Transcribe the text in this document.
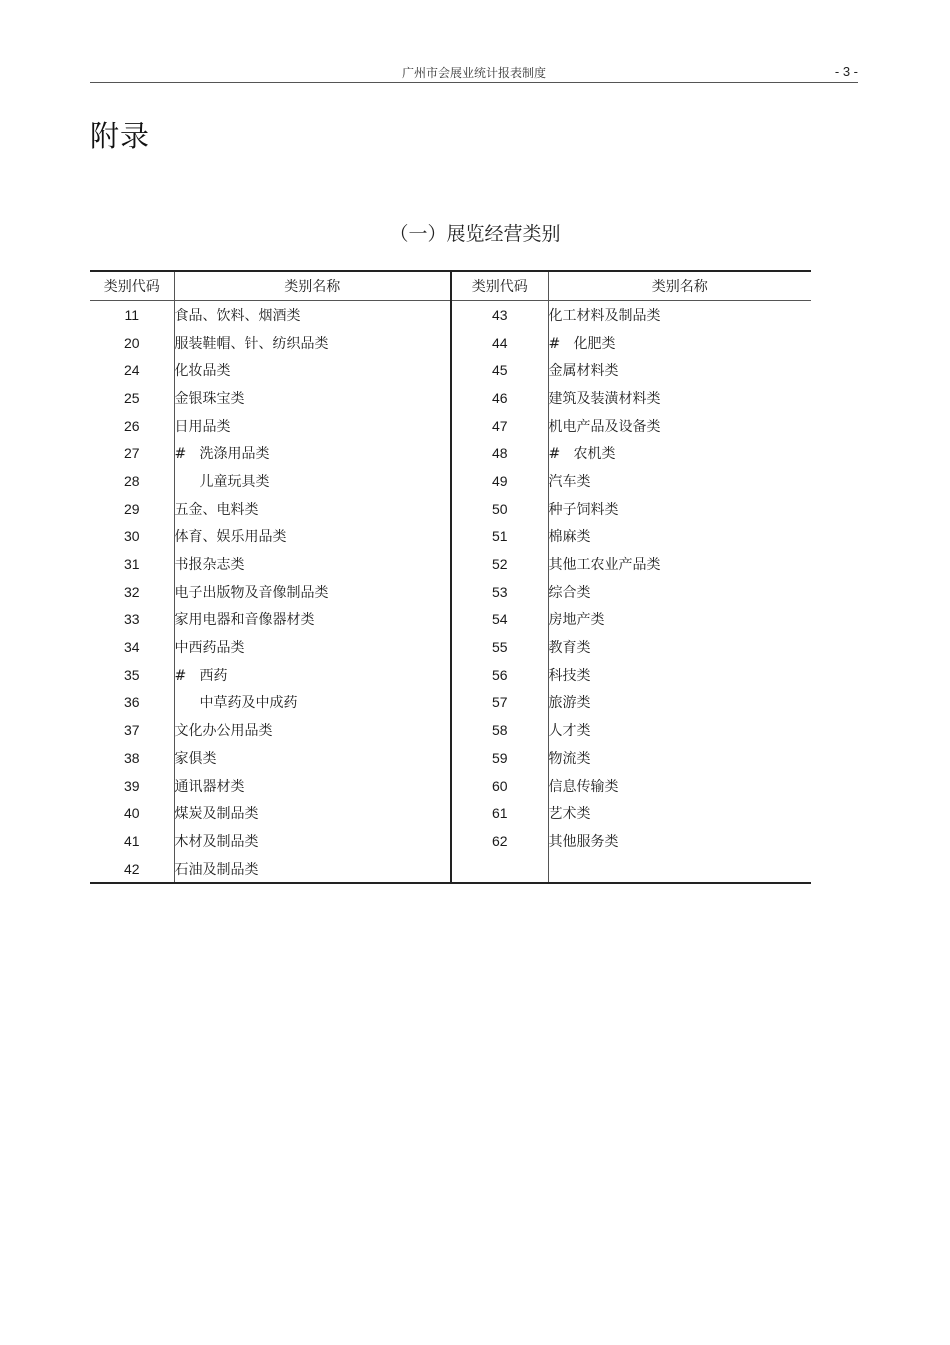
广州市会展业统计报表制度	- 3 -
附录
（一）展览经营类别
类别代码	类别名称	类别代码	类别名称
11	食品、饮料、烟酒类	43	化工材料及制品类
20	服装鞋帽、针、纺织品类	44	# 化肥类
24	化妆品类	45	金属材料类
25	金银珠宝类	46	建筑及装潢材料类
26	日用品类	47	机电产品及设备类
27	# 洗涤用品类	48	# 农机类
28	儿童玩具类	49	汽车类
29	五金、电料类	50	种子饲料类
30	体育、娱乐用品类	51	棉麻类
31	书报杂志类	52	其他工农业产品类
32	电子出版物及音像制品类	53	综合类
33	家用电器和音像器材类	54	房地产类
34	中西药品类	55	教育类
35	# 西药	56	科技类
36	中草药及中成药	57	旅游类
37	文化办公用品类	58	人才类
38	家俱类	59	物流类
39	通讯器材类	60	信息传输类
40	煤炭及制品类	61	艺术类
41	木材及制品类	62	其他服务类
42	石油及制品类		
